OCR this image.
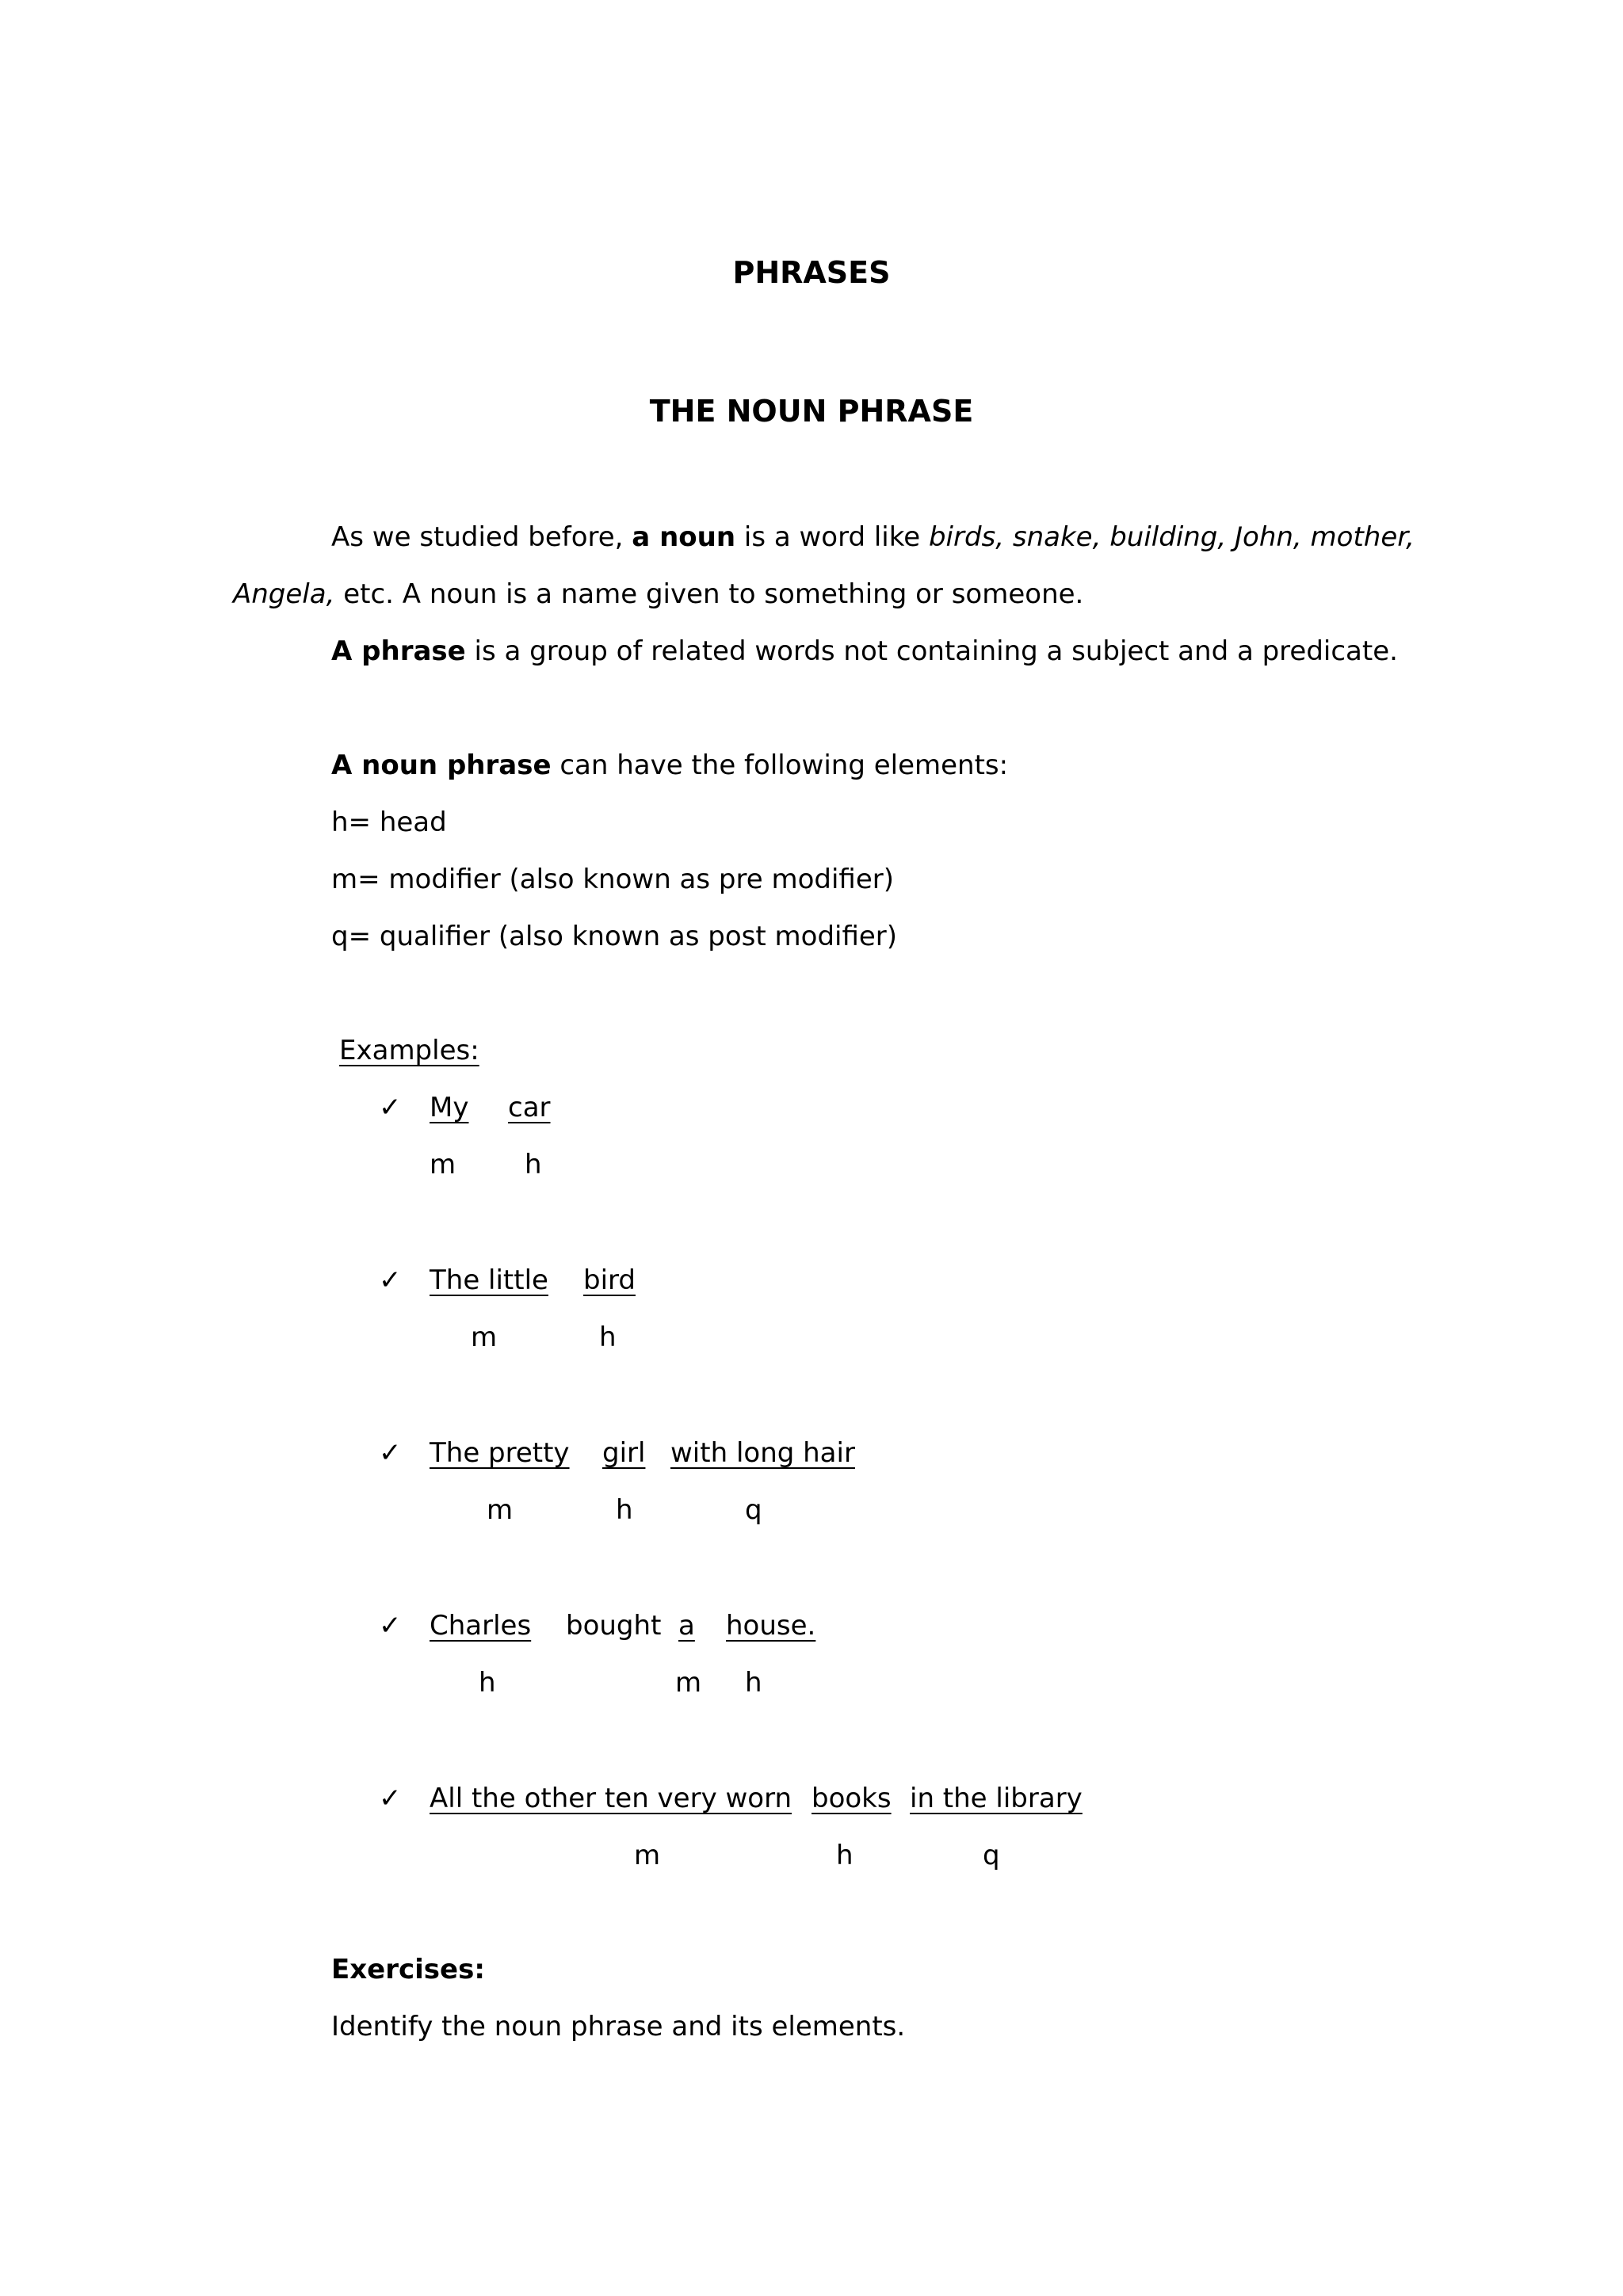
PHRASES
THE NOUN PHRASE
As we studied before, a noun is a word like birds, snake, building, John, mother,
Angela, etc. A noun is a name given to something or someone.
A phrase is a group of related words not containing a subject and a predicate.
A noun phrase can have the following elements:
h= head
m= modifier (also known as pre modifier)
q= qualifier (also known as post modifier)
Examples:
✓ My car
m	h
✓ The little bird
m	h
✓ The pretty girl with long hair
m	h	q
✓ Charles bought a house.
h	m h
✓ All the other ten very worn books in the library
m	h	q
Exercises:
Identify the noun phrase and its elements.
